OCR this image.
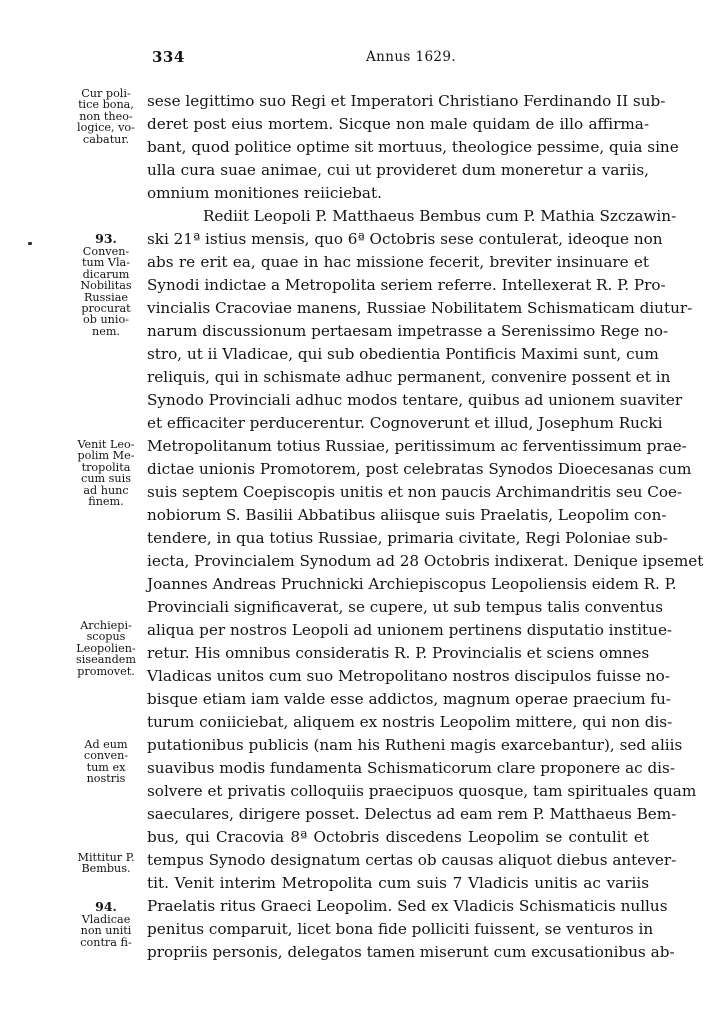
334	Annus 1629.
Cur poli-
tice bona,
non theo-
logice, vo-
cabatur.
93.
Conven-
tum Vla-
dicarum
Nobilitas
Russiae
procurat
ob unio-
nem.
Venit Leo-
polim Me-
tropolita
cum suis
ad hunc
finem.
Archiepi-
scopus
Leopolien-
siseandem
promovet.
Ad eum
conven-
tum ex
nostris
Mittitur P.
Bembus.
94.
Vladicae
non uniti
contra fi-
sese legittimo suo Regi et Imperatori Christiano Ferdinando II sub-
deret post eius mortem. Sicque non male quidam de illo affirma-
bant, quod politice optime sit mortuus, theologice pessime, quia sine
ulla cura suae animae, cui ut provideret dum moneretur a variis,
omnium monitiones reiiciebat.
Rediit Leopoli P. Matthaeus Bembus cum P. Mathia Szczawin-
ski 21ª istius mensis, quo 6ª Octobris sese contulerat, ideoque non
abs re erit ea, quae in hac missione fecerit, breviter insinuare et
Synodi indictae a Metropolita seriem referre. Intellexerat R. P. Pro-
vincialis Cracoviae manens, Russiae Nobilitatem Schismaticam diutur-
narum discussionum pertaesam impetrasse a Serenissimo Rege no-
stro, ut ii Vladicae, qui sub obedientia Pontificis Maximi sunt, cum
reliquis, qui in schismate adhuc permanent, convenire possent et in
Synodo Provinciali adhuc modos tentare, quibus ad unionem suaviter
et efficaciter perducerentur. Cognoverunt et illud, Josephum Rucki
Metropolitanum totius Russiae, peritissimum ac ferventissimum prae-
dictae unionis Promotorem, post celebratas Synodos Dioecesanas cum
suis septem Coepiscopis unitis et non paucis Archimandritis seu Coe-
nobiorum S. Basilii Abbatibus aliisque suis Praelatis, Leopolim con-
tendere, in qua totius Russiae, primaria civitate, Regi Poloniae sub-
iecta, Provincialem Synodum ad 28 Octobris indixerat. Denique ipsemet
Joannes Andreas Pruchnicki Archiepiscopus Leopoliensis eidem R. P.
Provinciali significaverat, se cupere, ut sub tempus talis conventus
aliqua per nostros Leopoli ad unionem pertinens disputatio institue-
retur. His omnibus consideratis R. P. Provincialis et sciens omnes
Vladicas unitos cum suo Metropolitano nostros discipulos fuisse no-
bisque etiam iam valde esse addictos, magnum operae praecium fu-
turum coniiciebat, aliquem ex nostris Leopolim mittere, qui non dis-
putationibus publicis (nam his Rutheni magis exarcebantur), sed aliis
suavibus modis fundamenta Schismaticorum clare proponere ac dis-
solvere et privatis colloquiis praecipuos quosque, tam spirituales quam
saeculares, dirigere posset. Delectus ad eam rem P. Matthaeus Bem-
bus, qui Cracovia 8ª Octobris discedens Leopolim se contulit et
tempus Synodo designatum certas ob causas aliquot diebus antever-
tit. Venit interim Metropolita cum suis 7 Vladicis unitis ac variis
Praelatis ritus Graeci Leopolim. Sed ex Vladicis Schismaticis nullus
penitus comparuit, licet bona fide polliciti fuissent, se venturos in
propriis personis, delegatos tamen miserunt cum excusationibus ab-
